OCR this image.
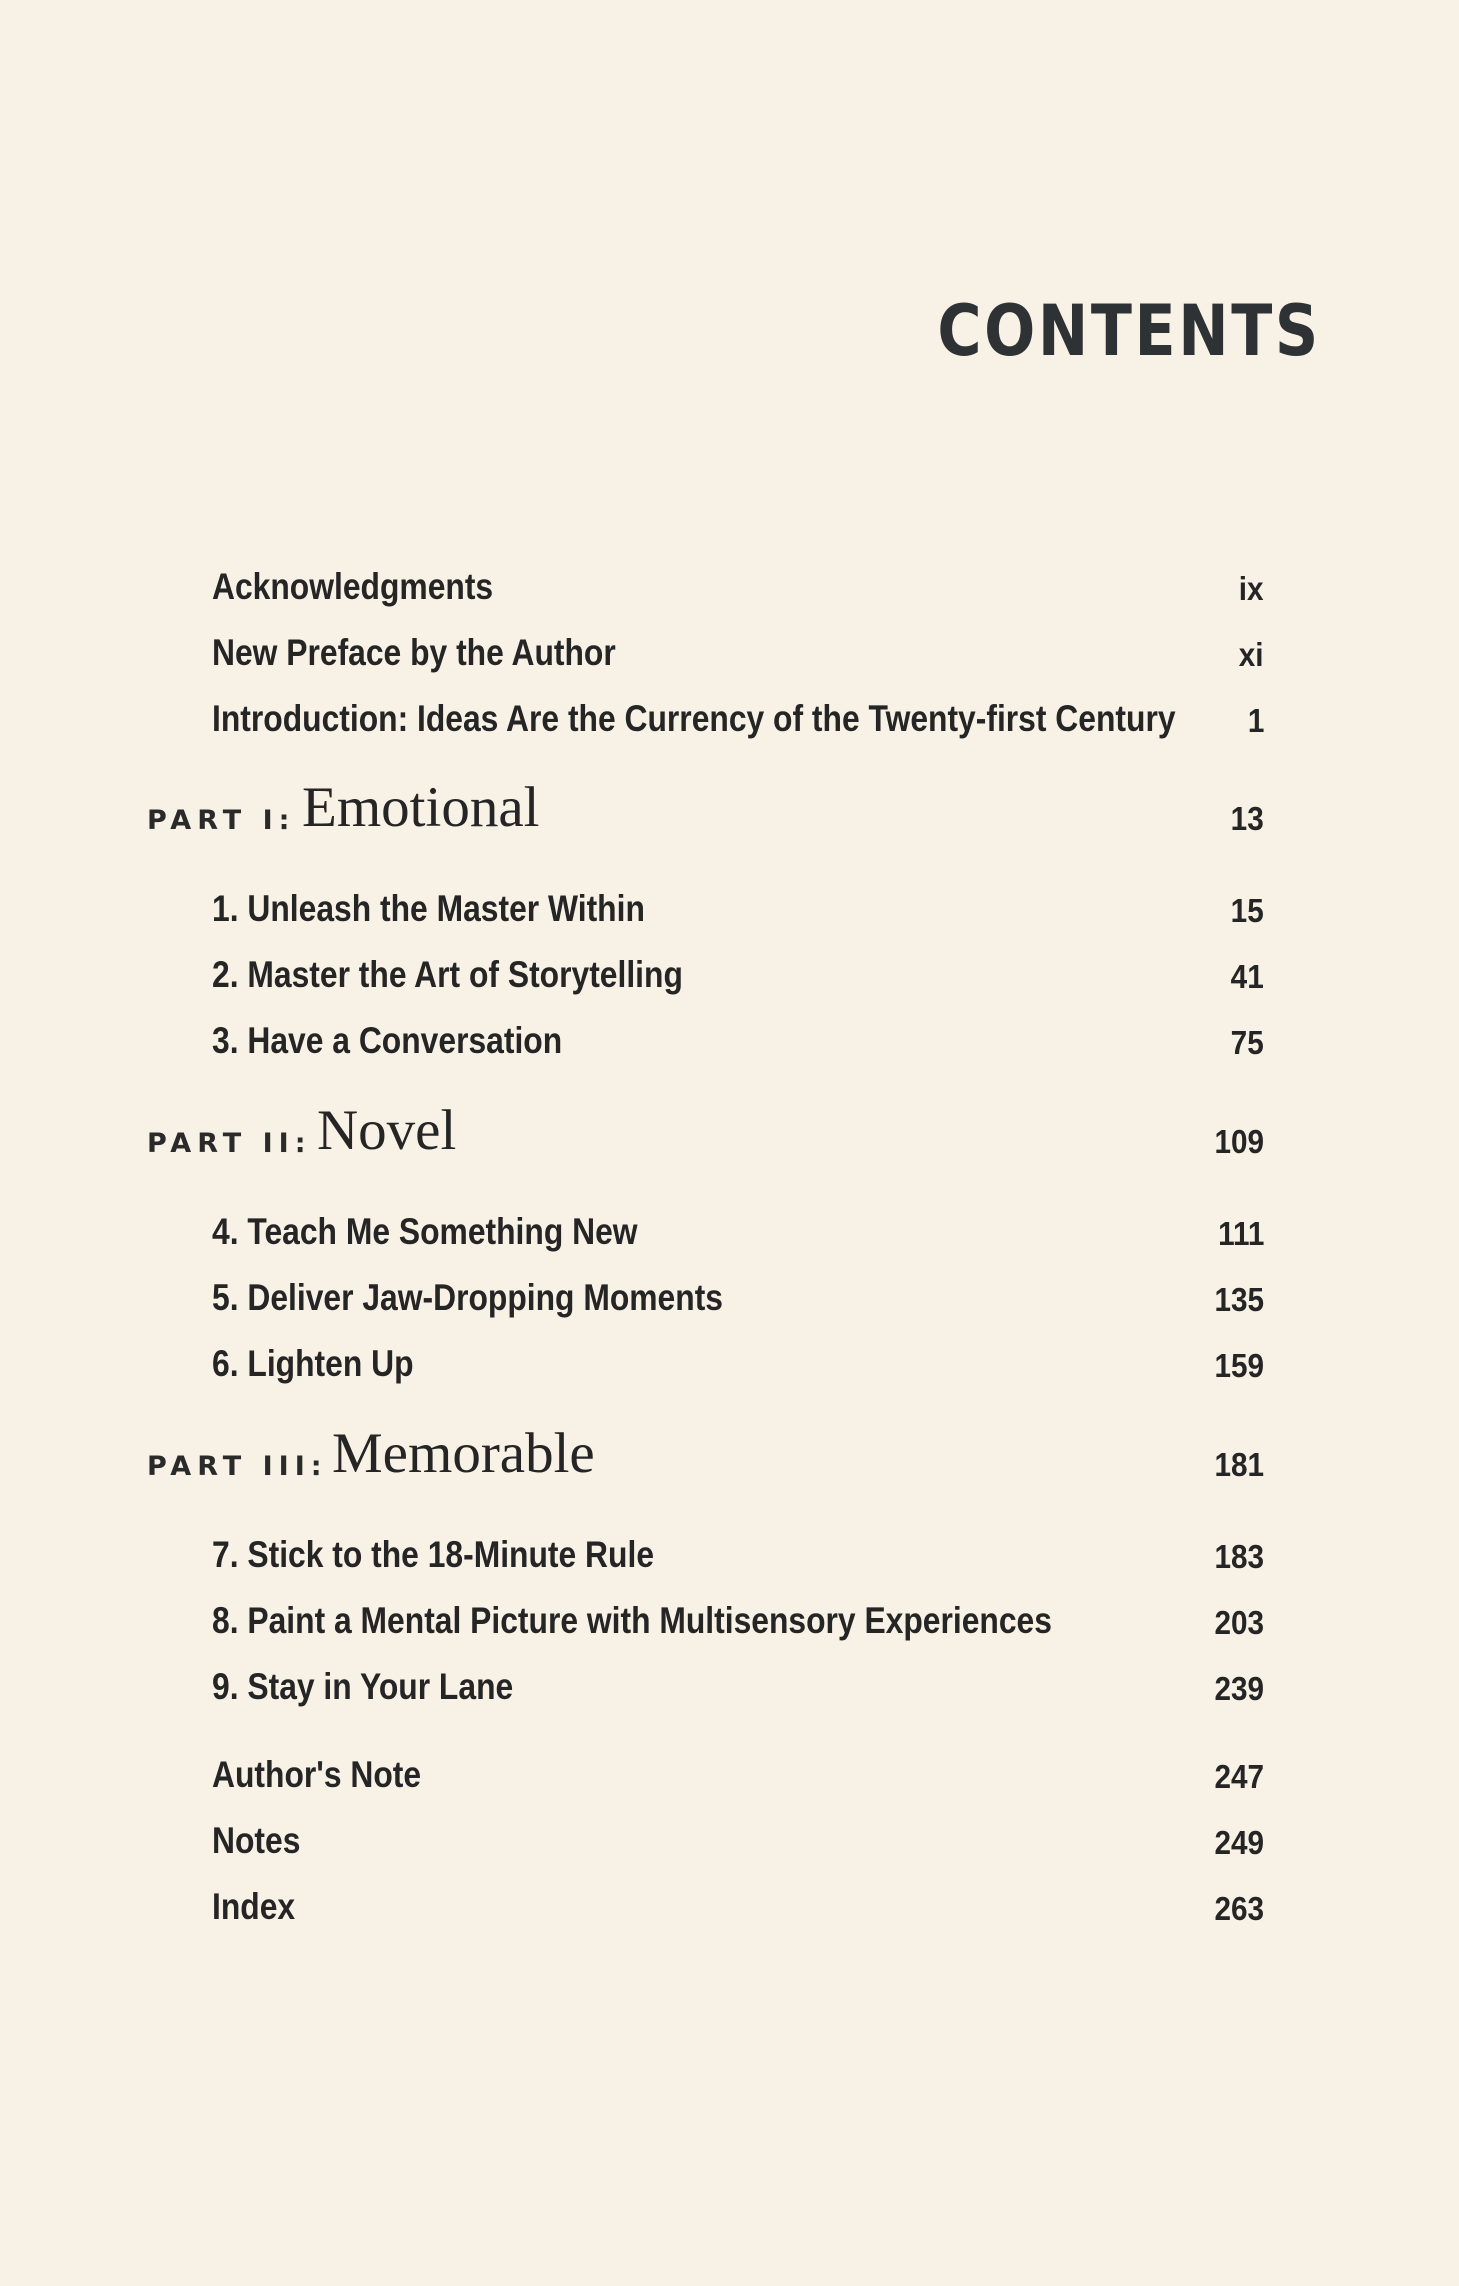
CONTENTS
Acknowledgments	ix
New Preface by the Author	xi
Introduction: Ideas Are the Currency of the Twenty-first Century 1
PART I: Emotional	13
1. Unleash the Master Within	15
2. Master the Art of Storytelling	41
3. Have a Conversation	75
PART II: Novel	109
4. Teach Me Something New	111
5. Deliver Jaw-Dropping Moments	135
6. Lighten Up	159
PART III: Memorable	181
7. Stick to the 18-Minute Rule	183
8. Paint a Mental Picture with Multisensory Experiences	203
9. Stay in Your Lane	239
Author's Note	247
Notes	249
Index	263
